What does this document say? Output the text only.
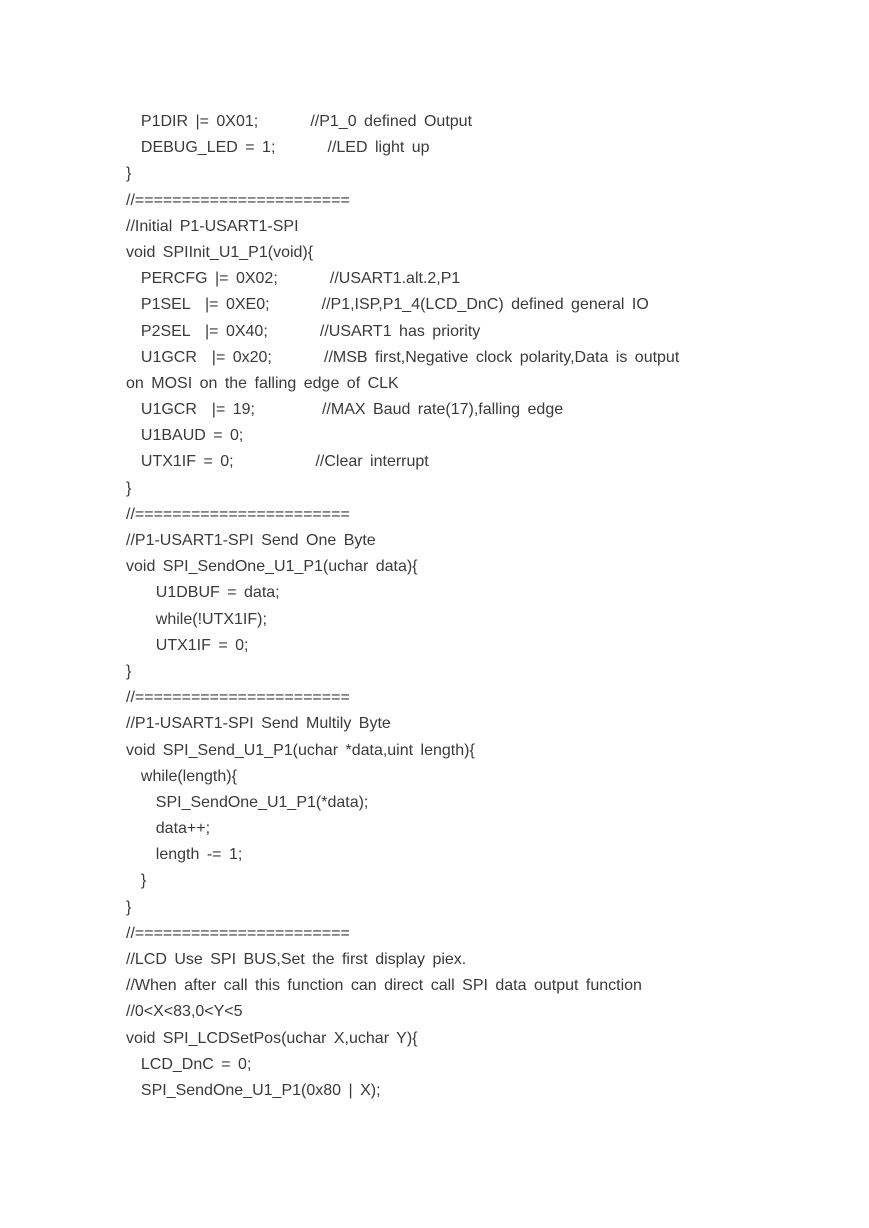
P1DIR |= 0X01;       //P1_0 defined Output
DEBUG_LED = 1;       //LED light up
}
//=======================
//Initial P1-USART1-SPI
void SPIInit_U1_P1(void){
PERCFG |= 0X02;       //USART1.alt.2,P1
P1SEL  |= 0XE0;       //P1,ISP,P1_4(LCD_DnC) defined general IO
P2SEL  |= 0X40;       //USART1 has priority
U1GCR  |= 0x20;       //MSB first,Negative clock polarity,Data is output
on MOSI on the falling edge of CLK
U1GCR  |= 19;         //MAX Baud rate(17),falling edge
U1BAUD = 0;
UTX1IF = 0;           //Clear interrupt
}
//=======================
//P1-USART1-SPI Send One Byte
void SPI_SendOne_U1_P1(uchar data){
U1DBUF = data;
while(!UTX1IF);
UTX1IF = 0;
}
//=======================
//P1-USART1-SPI Send Multily Byte
void SPI_Send_U1_P1(uchar *data,uint length){
while(length){
SPI_SendOne_U1_P1(*data);
data++;
length -= 1;
}
}
//=======================
//LCD Use SPI BUS,Set the first display piex.
//When after call this function can direct call SPI data output function
//0<X<83,0<Y<5
void SPI_LCDSetPos(uchar X,uchar Y){
LCD_DnC = 0;
SPI_SendOne_U1_P1(0x80 | X);
